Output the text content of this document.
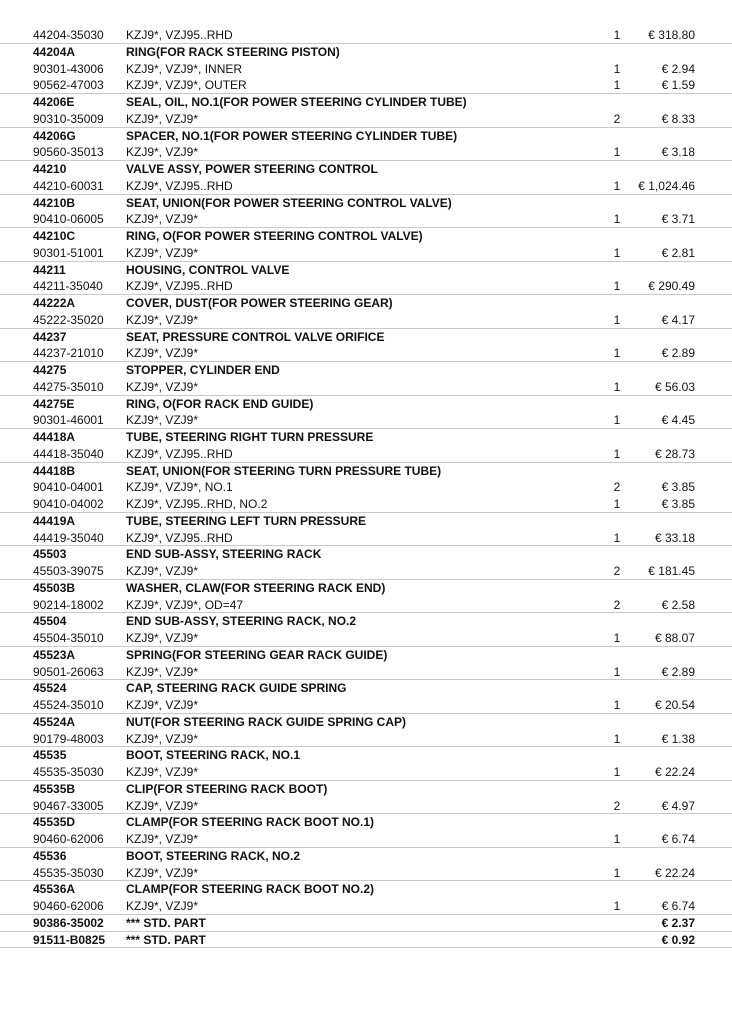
44204-35030 KZJ9*, VZJ95..RHD	1	€ 318.80
44204A	RING(FOR RACK STEERING PISTON)
90301-43006 KZJ9*, VZJ9*, INNER	1	€ 2.94
90562-47003 KZJ9*, VZJ9*, OUTER	1	€ 1.59
44206E	SEAL, OIL, NO.1(FOR POWER STEERING CYLINDER TUBE)
90310-35009 KZJ9*, VZJ9*	2	€ 8.33
44206G	SPACER, NO.1(FOR POWER STEERING CYLINDER TUBE)
90560-35013 KZJ9*, VZJ9*	1	€ 3.18
44210	VALVE ASSY, POWER STEERING CONTROL
44210-60031 KZJ9*, VZJ95..RHD	1	€ 1,024.46
44210B	SEAT, UNION(FOR POWER STEERING CONTROL VALVE)
90410-06005 KZJ9*, VZJ9*	1	€ 3.71
44210C	RING, O(FOR POWER STEERING CONTROL VALVE)
90301-51001 KZJ9*, VZJ9*	1	€ 2.81
44211	HOUSING, CONTROL VALVE
44211-35040 KZJ9*, VZJ95..RHD	1	€ 290.49
44222A	COVER, DUST(FOR POWER STEERING GEAR)
45222-35020 KZJ9*, VZJ9*	1	€ 4.17
44237	SEAT, PRESSURE CONTROL VALVE ORIFICE
44237-21010 KZJ9*, VZJ9*	1	€ 2.89
44275	STOPPER, CYLINDER END
44275-35010 KZJ9*, VZJ9*	1	€ 56.03
44275E	RING, O(FOR RACK END GUIDE)
90301-46001 KZJ9*, VZJ9*	1	€ 4.45
44418A	TUBE, STEERING RIGHT TURN PRESSURE
44418-35040 KZJ9*, VZJ95..RHD	1	€ 28.73
44418B	SEAT, UNION(FOR STEERING TURN PRESSURE TUBE)
90410-04001 KZJ9*, VZJ9*, NO.1	2	€ 3.85
90410-04002 KZJ9*, VZJ95..RHD, NO.2	1	€ 3.85
44419A	TUBE, STEERING LEFT TURN PRESSURE
44419-35040 KZJ9*, VZJ95..RHD	1	€ 33.18
45503	END SUB-ASSY, STEERING RACK
45503-39075 KZJ9*, VZJ9*	2	€ 181.45
45503B	WASHER, CLAW(FOR STEERING RACK END)
90214-18002 KZJ9*, VZJ9*, OD=47	2	€ 2.58
45504	END SUB-ASSY, STEERING RACK, NO.2
45504-35010 KZJ9*, VZJ9*	1	€ 88.07
45523A	SPRING(FOR STEERING GEAR RACK GUIDE)
90501-26063 KZJ9*, VZJ9*	1	€ 2.89
45524	CAP, STEERING RACK GUIDE SPRING
45524-35010 KZJ9*, VZJ9*	1	€ 20.54
45524A	NUT(FOR STEERING RACK GUIDE SPRING CAP)
90179-48003 KZJ9*, VZJ9*	1	€ 1.38
45535	BOOT, STEERING RACK, NO.1
45535-35030 KZJ9*, VZJ9*	1	€ 22.24
45535B	CLIP(FOR STEERING RACK BOOT)
90467-33005 KZJ9*, VZJ9*	2	€ 4.97
45535D	CLAMP(FOR STEERING RACK BOOT NO.1)
90460-62006 KZJ9*, VZJ9*	1	€ 6.74
45536	BOOT, STEERING RACK, NO.2
45535-35030 KZJ9*, VZJ9*	1	€ 22.24
45536A	CLAMP(FOR STEERING RACK BOOT NO.2)
90460-62006 KZJ9*, VZJ9*	1	€ 6.74
90386-35002 *** STD. PART	€ 2.37
91511-B0825 *** STD. PART	€ 0.92
